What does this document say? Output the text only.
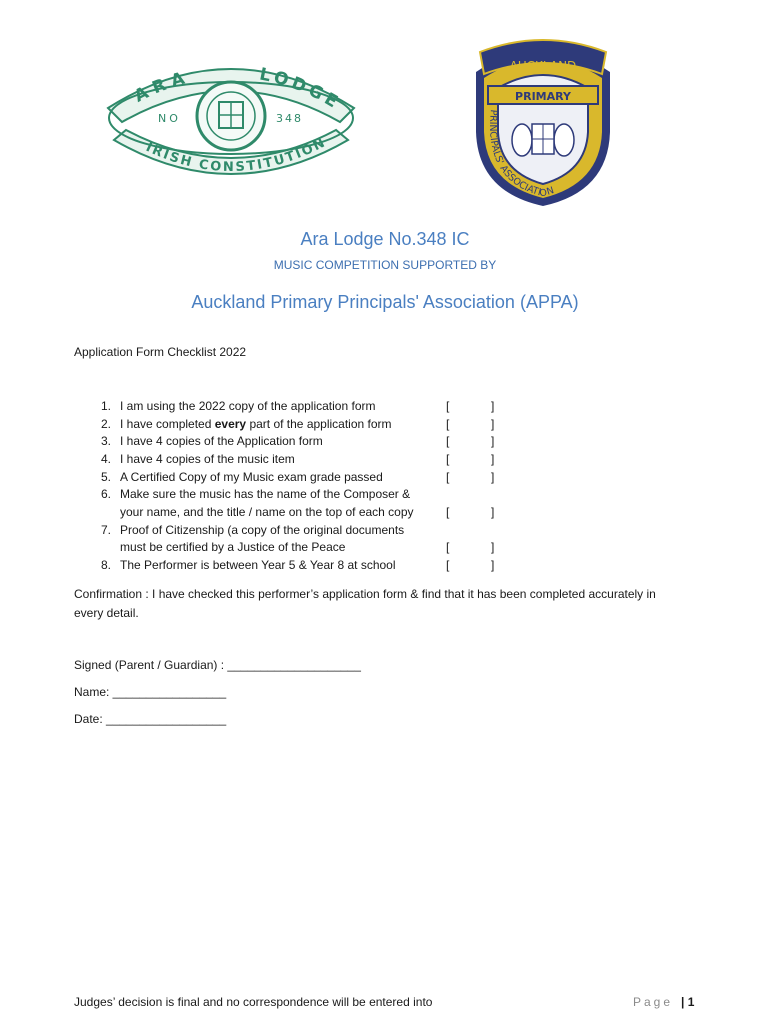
ARA	LODGE
NO	348
IRISH CONSTITUTION
AUCKLAND
PRIMARY
PRINCIPALS' ASSOCIATION
Ara Lodge No.348 IC
MUSIC COMPETITION SUPPORTED BY
Auckland Primary Principals' Association (APPA)
Application Form Checklist 2022
1. I am using the 2022 copy of the application form	[	]
2. I have completed every part of the application form	[	]
3. I have 4 copies of the Application form	[	]
4. I have 4 copies of the music item	[	]
5. A Certified Copy of my Music exam grade passed	[	]
6. Make sure the music has the name of the Composer &
your name, and the title / name on the top of each copy	[	]
7. Proof of Citizenship (a copy of the original documents
must be certified by a Justice of the Peace	[	]
8. The Performer is between Year 5 & Year 8 at school	[	]
Confirmation : I have checked this performer’s application form & find that it has been completed accurately in every detail.
Signed (Parent / Guardian) : ____________________
Name: _________________
Date: __________________
Judges’ decision is final and no correspondence will be entered into	Page | 1
